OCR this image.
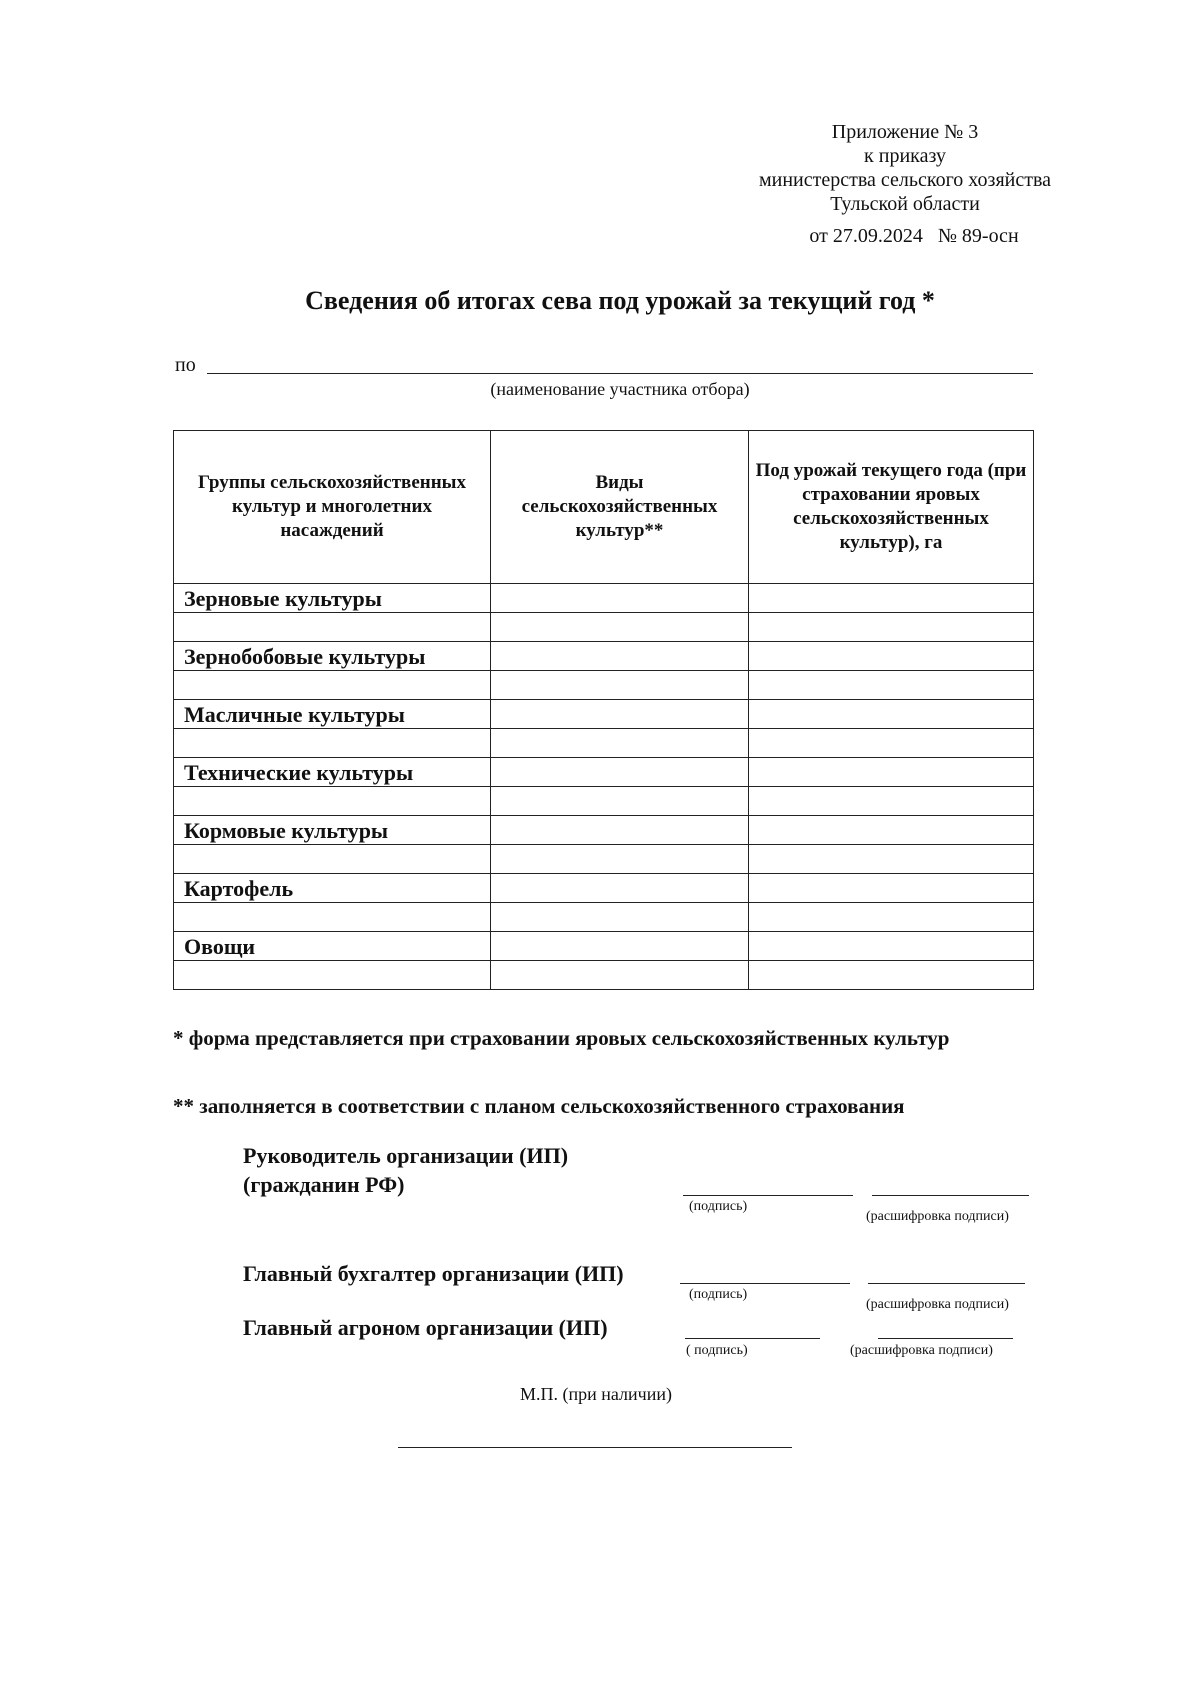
Приложение № 3
к приказу
министерства сельского хозяйства
Тульской области
от 27.09.2024   № 89-осн
Сведения об итогах сева под урожай за текущий год *
по
(наименование участника отбора)
Группы сельскохозяйственных культур и многолетних насаждений	Виды сельскохозяйственных культур**	Под урожай текущего года (при страховании яровых сельскохозяйственных культур), га
Зерновые культуры		

Зернобобовые культуры		

Масличные культуры		

Технические культуры		

Кормовые культуры		

Картофель		

Овощи		

* форма представляется при страховании яровых сельскохозяйственных культур
** заполняется в соответствии с планом сельскохозяйственного страхования
Руководитель организации (ИП)
(гражданин РФ)
(подпись)
(расшифровка подписи)
Главный бухгалтер организации (ИП)
(подпись)
(расшифровка подписи)
Главный агроном организации (ИП)
( подпись)	(расшифровка подписи)
М.П. (при наличии)
